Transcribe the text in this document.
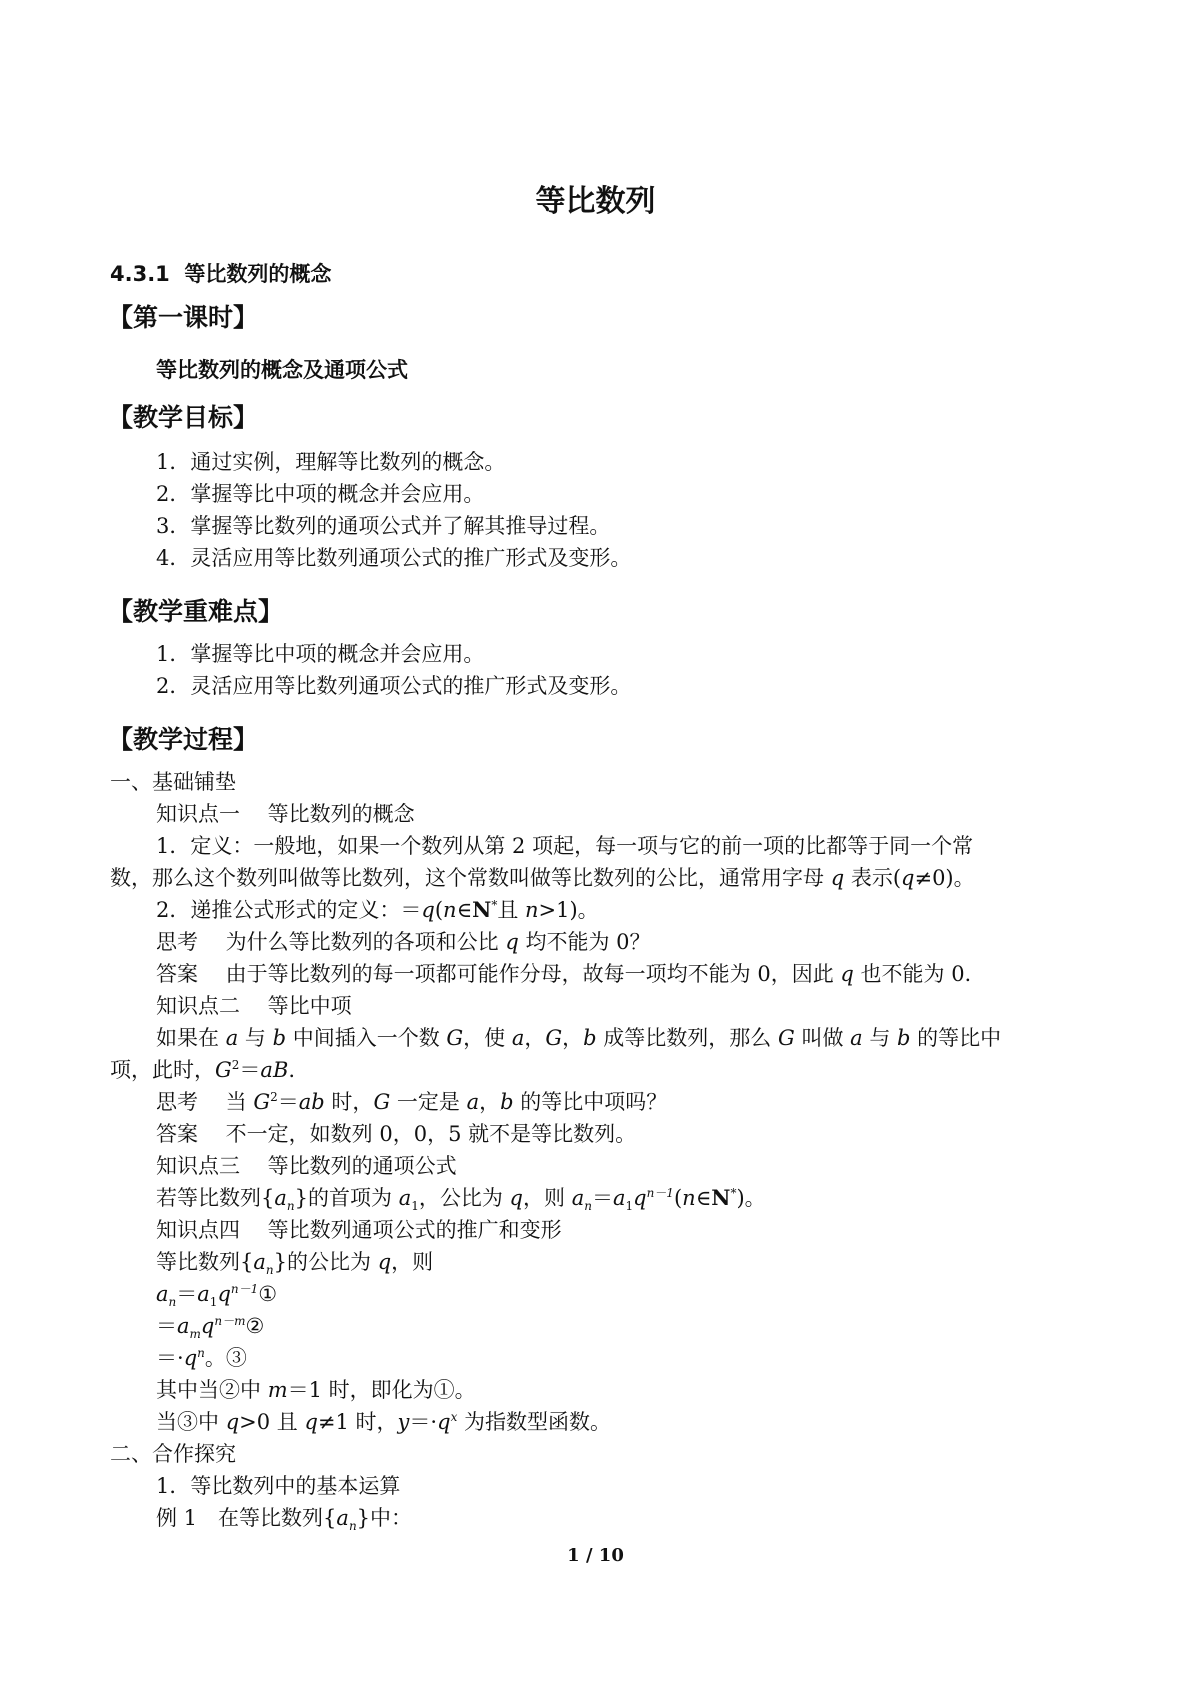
等比数列
4.3.1 等比数列的概念
【第一课时】
等比数列的概念及通项公式
【教学目标】
1．通过实例，理解等比数列的概念。
2．掌握等比中项的概念并会应用。
3．掌握等比数列的通项公式并了解其推导过程。
4．灵活应用等比数列通项公式的推广形式及变形。
【教学重难点】
1．掌握等比中项的概念并会应用。
2．灵活应用等比数列通项公式的推广形式及变形。
【教学过程】
一、基础铺垫
知识点一　 等比数列的概念
1．定义：一般地，如果一个数列从第 2 项起，每一项与它的前一项的比都等于同一个常
数，那么这个数列叫做等比数列，这个常数叫做等比数列的公比，通常用字母 q 表示(q≠0)。
2．递推公式形式的定义：＝q(n∈N*且 n>1)。
思考　 为什么等比数列的各项和公比 q 均不能为 0？
答案　 由于等比数列的每一项都可能作分母，故每一项均不能为 0，因此 q 也不能为 0.
知识点二　 等比中项
如果在 a 与 b 中间插入一个数 G，使 a，G，b 成等比数列，那么 G 叫做 a 与 b 的等比中
项，此时，$G^2=aB$.
思考　 当 $G^2=ab$ 时，G 一定是 a，b 的等比中项吗？
答案　 不一定，如数列 0，0，5 就不是等比数列。
知识点三　 等比数列的通项公式
若等比数列$\{a_n\}$的首项为 $a_1$，公比为 q，则 $a_n=a_1q^{n-1}(n\in N^*)$。
知识点四　 等比数列通项公式的推广和变形
等比数列$\{a_n\}$的公比为 q，则
$a_n=a_1q^{n-1}①$
$=a_mq^{n-m}②$
$=\cdot q^n$。③
其中当②中 m＝1 时，即化为①。
当③中 q>0 且 q≠1 时，$y=\cdot q^x$ 为指数型函数。
二、合作探究
1．等比数列中的基本运算
例 1　在等比数列$\{a_n\}$中：
1 / 10
